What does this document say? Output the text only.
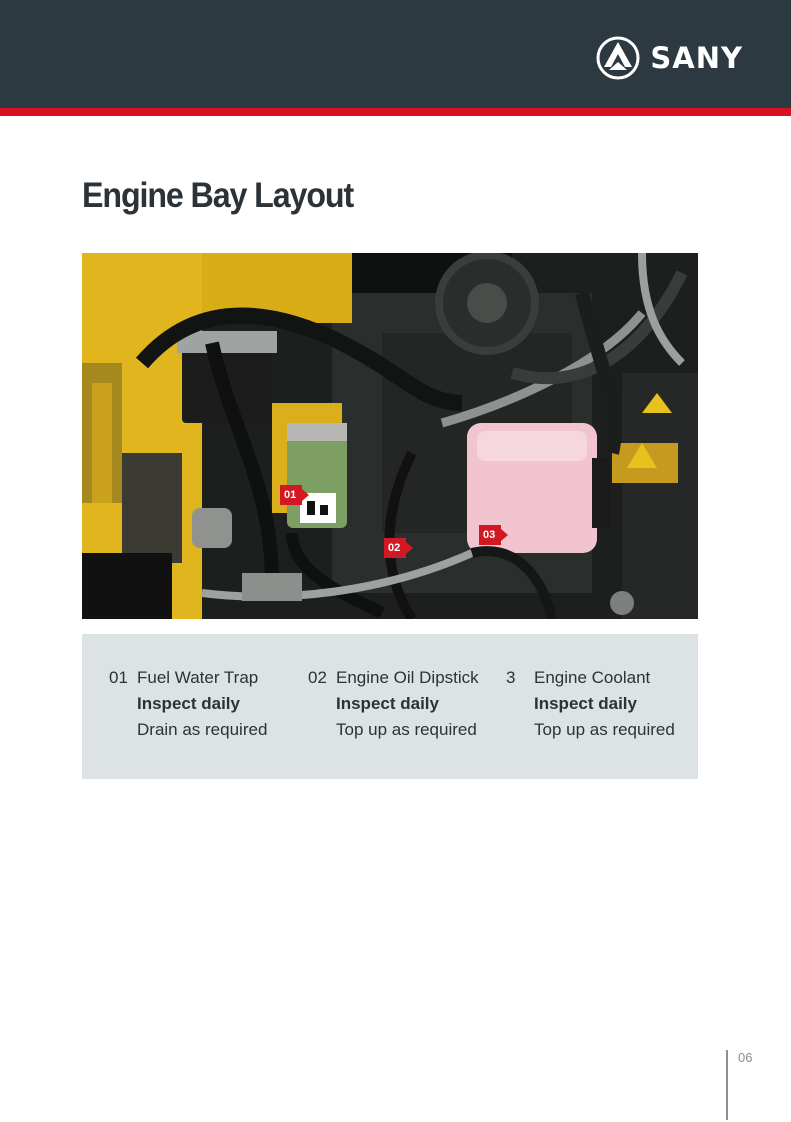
SANY
Engine Bay Layout
01
02
03
01 Fuel Water Trap
Inspect daily
Drain as required
02 Engine Oil Dipstick
Inspect daily
Top up as required
3 Engine Coolant
Inspect daily
Top up as required
06
